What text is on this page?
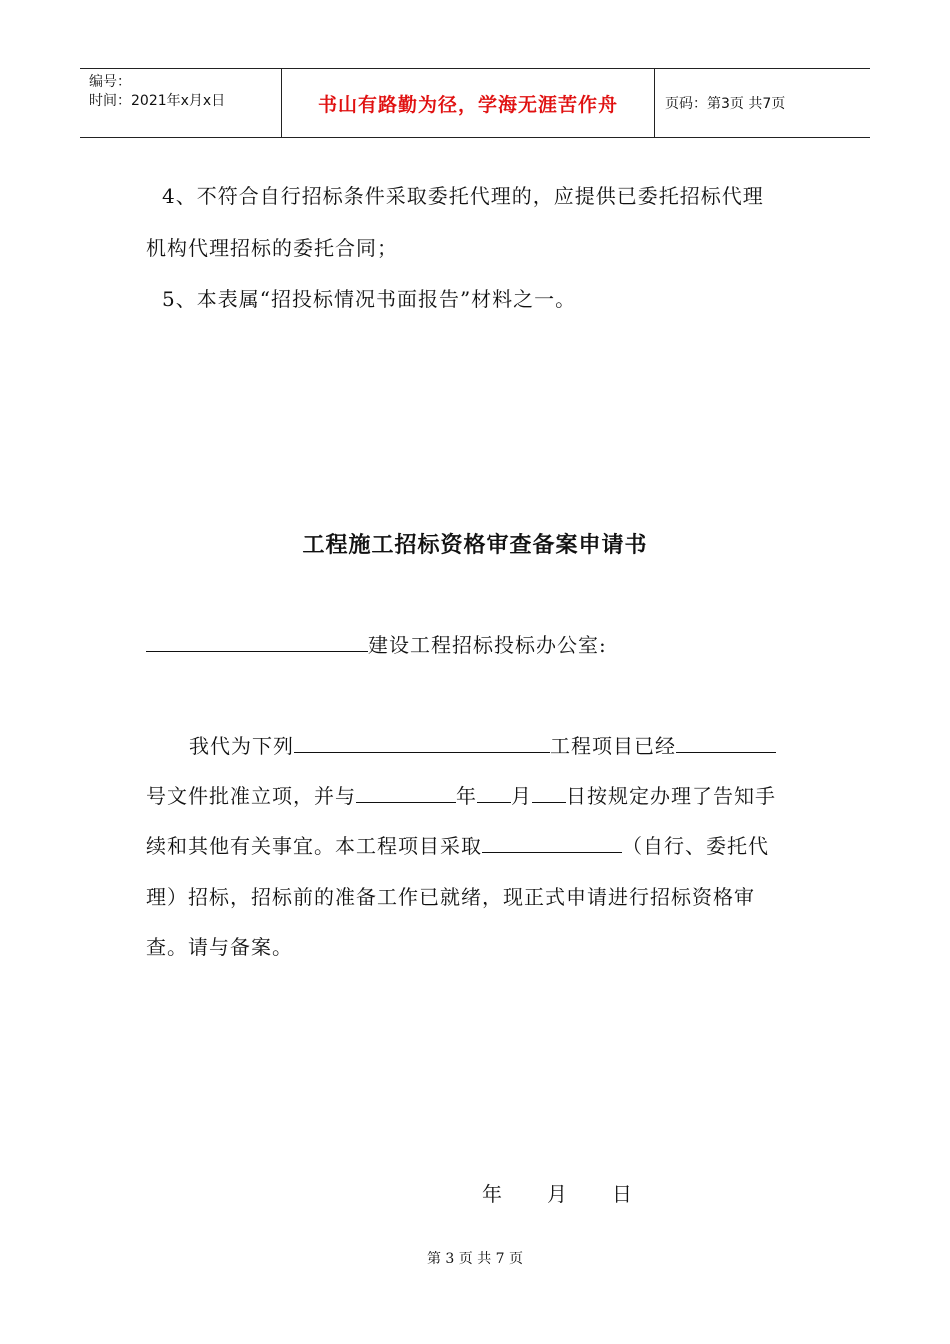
编号：
时间：2021年x月x日	书山有路勤为径，学海无涯苦作舟	页码：第3页 共7页
4、不符合自行招标条件采取委托代理的，应提供已委托招标代理
机构代理招标的委托合同；
5、本表属“招投标情况书面报告”材料之一。
工程施工招标资格审查备案申请书
建设工程招标投标办公室:
我代为下列	工程项目已经
号文件批准立项，并与	年 月 日按规定办理了告知手
续和其他有关事宜。本工程项目采取	（自行、委托代
理）招标，招标前的准备工作已就绪，现正式申请进行招标资格审
查。请与备案。
年 月 日
第 3 页 共 7 页
